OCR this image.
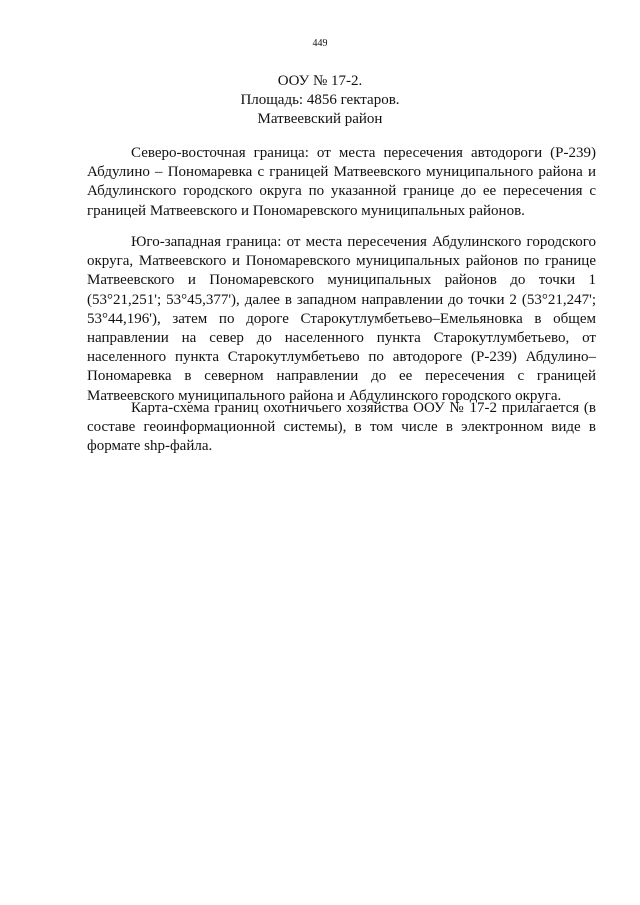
449
ООУ № 17-2.
Площадь: 4856 гектаров.
Матвеевский район

Северо-восточная граница: от места пересечения автодороги (Р-239) Абдулино – Пономаревка с границей Матвеевского муниципального района и Абдулинского городского округа по указанной границе до ее пересечения с границей Матвеевского и Пономаревского муниципальных районов.

Юго-западная граница: от места пересечения Абдулинского городского округа, Матвеевского и Пономаревского муниципальных районов по границе Матвеевского и Пономаревского муниципальных районов до точки 1 (53°21,251'; 53°45,377'), далее в западном направлении до точки 2 (53°21,247'; 53°44,196'), затем по дороге Старокутлумбетьево–Емельяновка в общем направлении на север до населенного пункта Старокутлумбетьево, от населенного пункта Старокутлумбетьево по автодороге (Р-239) Абдулино–Пономаревка в северном направлении до ее пересечения с границей Матвеевского муниципального района и Абдулинского городского округа.

Карта-схема границ охотничьего хозяйства ООУ № 17-2 прилагается (в составе геоинформационной системы), в том числе в электронном виде в формате shp-файла.
